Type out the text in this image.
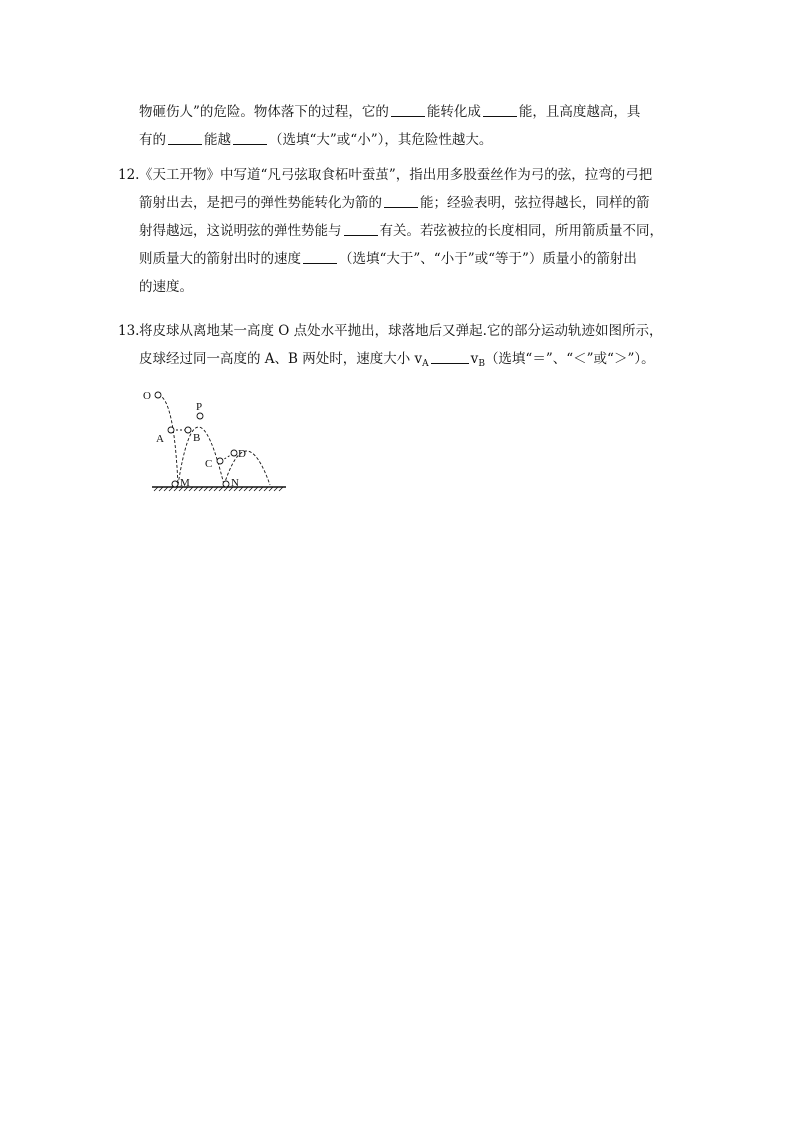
物砸伤人”的危险。物体落下的过程，它的	能转化成	能，且高度越高，具
有的	能越	（选填“大”或“小”），其危险性越大。
12.《天工开物》中写道“凡弓弦取食柘叶蚕茧”，指出用多股蚕丝作为弓的弦，拉弯的弓把
箭射出去，是把弓的弹性势能转化为箭的	能；经验表明，弦拉得越长，同样的箭
射得越远，这说明弦的弹性势能与	有关。若弦被拉的长度相同，所用箭质量不同，
则质量大的箭射出时的速度	（选填“大于”、“小于”或“等于”）质量小的箭射出
的速度。
13.将皮球从离地某一高度 O 点处水平抛出，球落地后又弹起.它的部分运动轨迹如图所示，
皮球经过同一高度的 A、B 两处时，速度大小 $v_A$	$v_B$（选填“＝”、“＜”或“＞”）。
O
P
A	B
C
D
M	N
